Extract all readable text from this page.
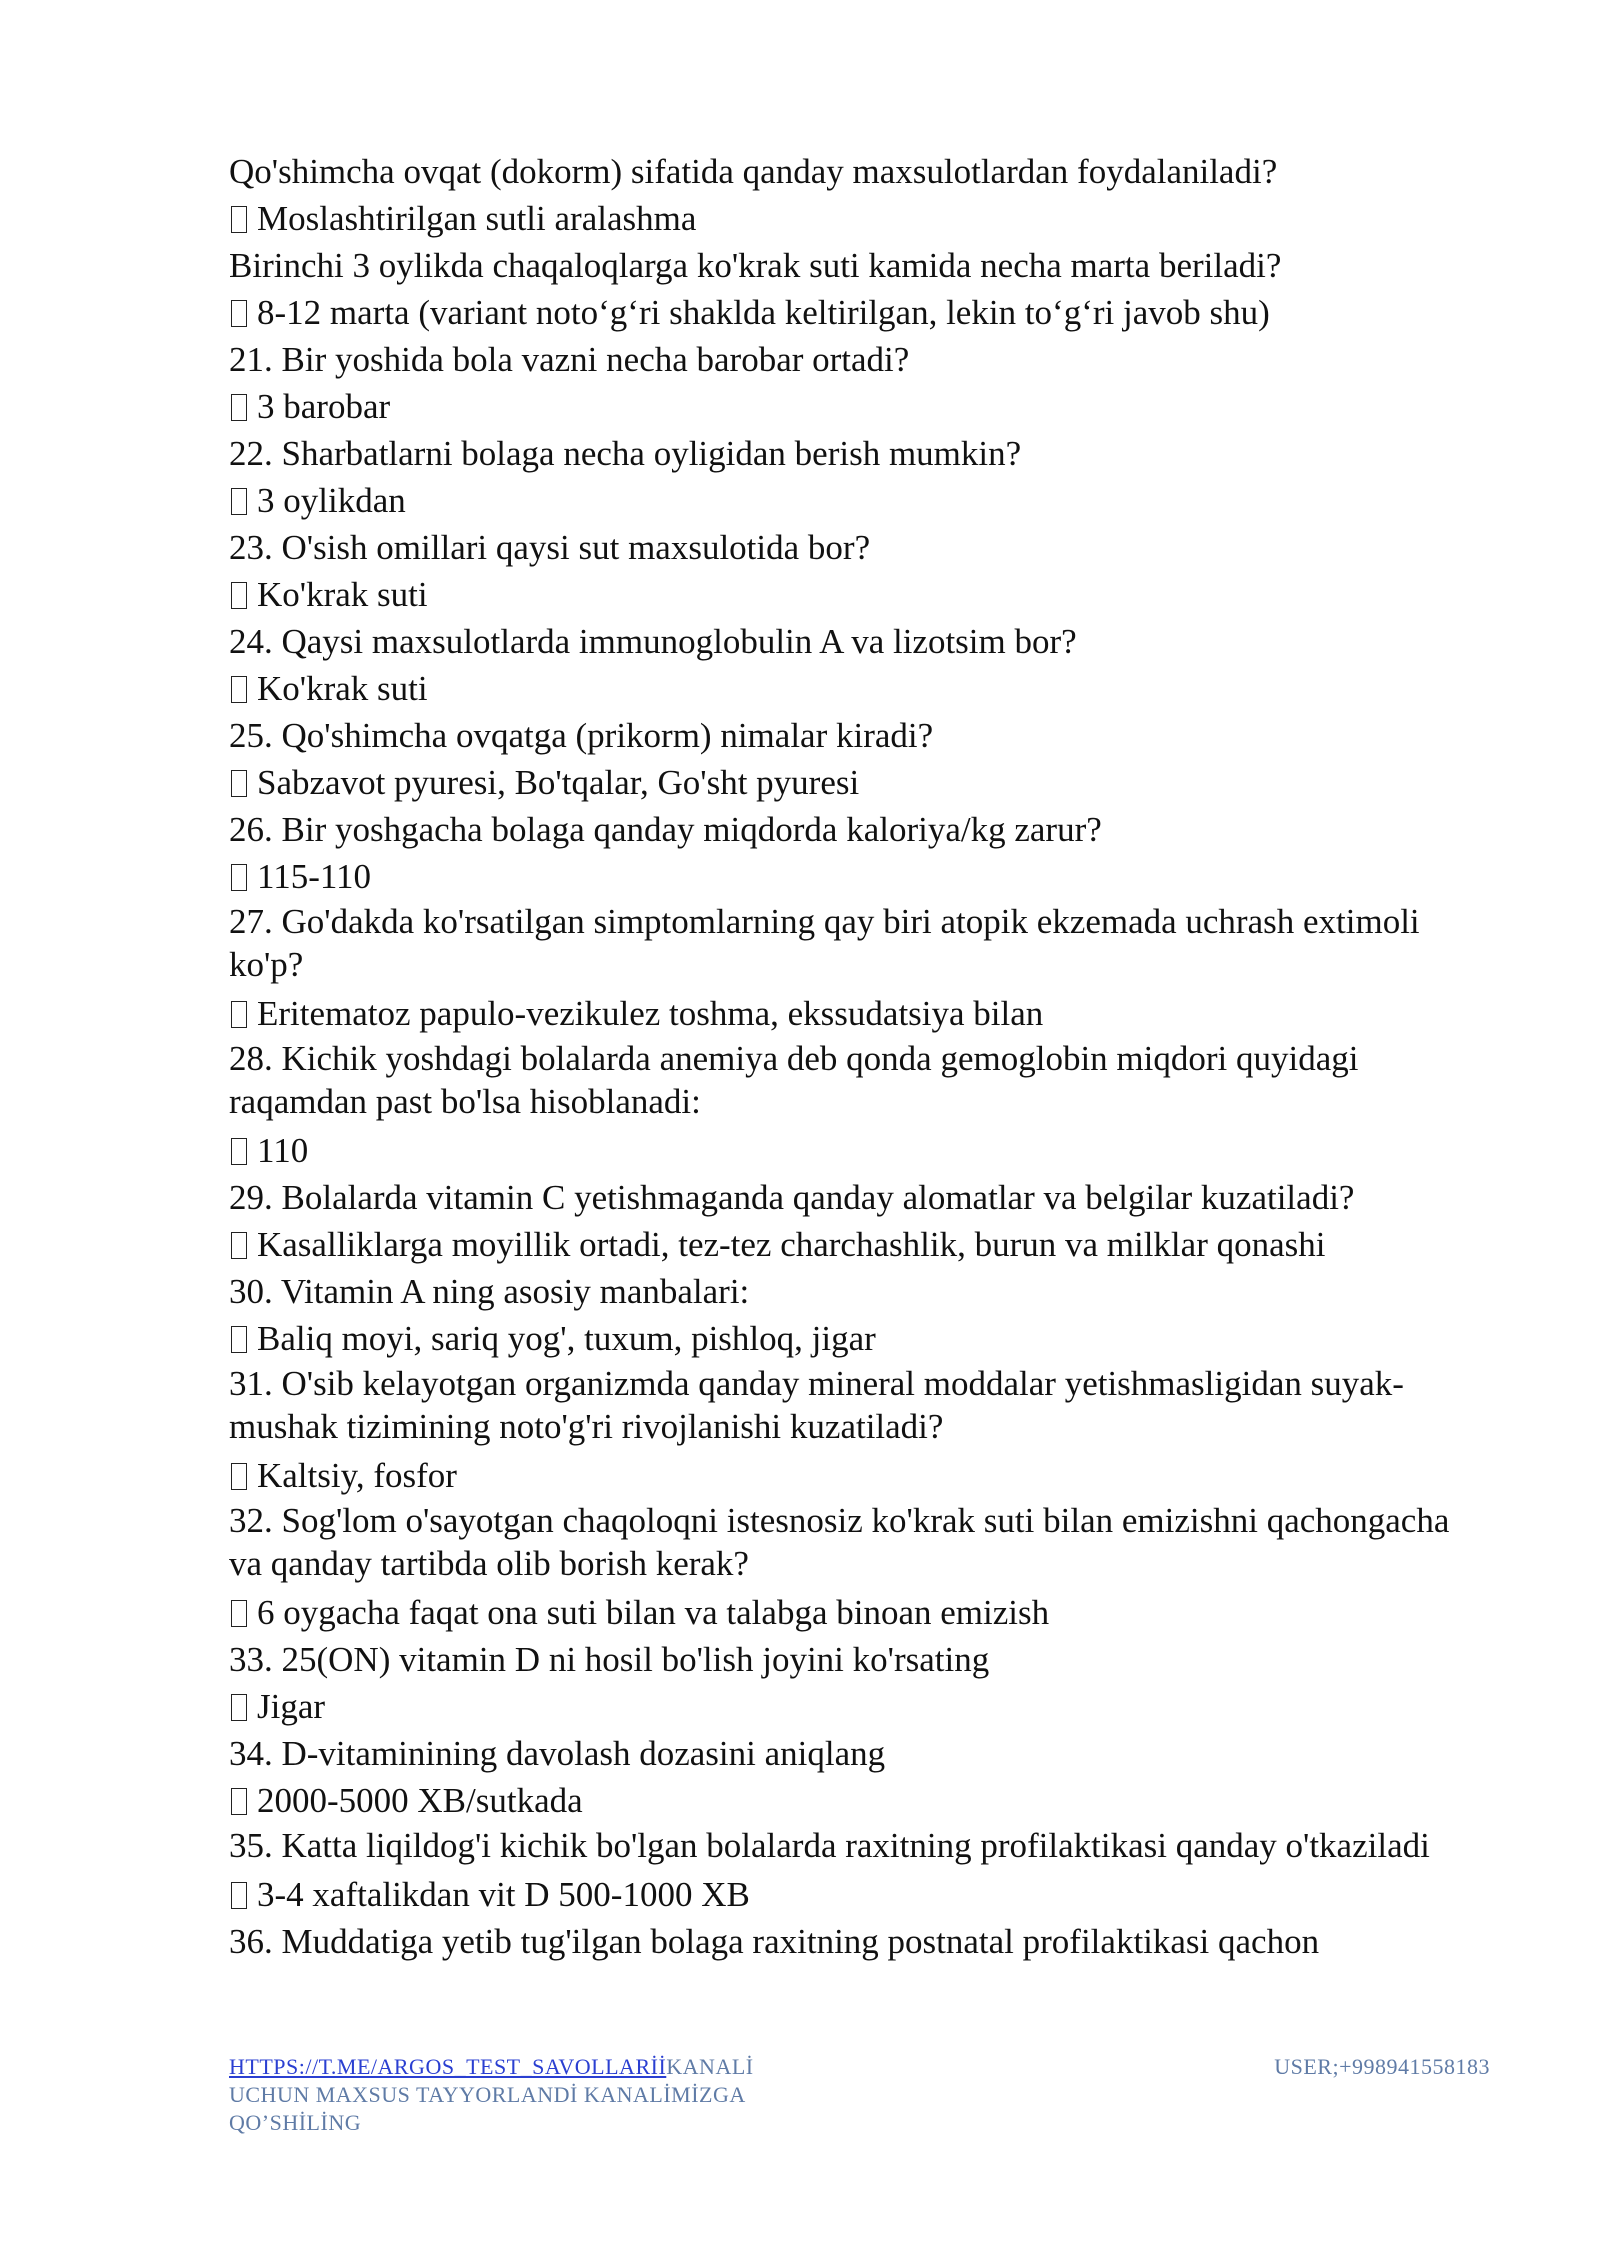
Qo'shimcha ovqat (dokorm) sifatida qanday maxsulotlardan foydalaniladi?
Moslashtirilgan sutli aralashma
Birinchi 3 oylikda chaqaloqlarga ko'krak suti kamida necha marta beriladi?
8-12 marta (variant noto‘g‘ri shaklda keltirilgan, lekin to‘g‘ri javob shu)
21. Bir yoshida bola vazni necha barobar ortadi?
3 barobar
22. Sharbatlarni bolaga necha oyligidan berish mumkin?
3 oylikdan
23. O'sish omillari qaysi sut maxsulotida bor?
Ko'krak suti
24. Qaysi maxsulotlarda immunoglobulin A va lizotsim bor?
Ko'krak suti
25. Qo'shimcha ovqatga (prikorm) nimalar kiradi?
Sabzavot pyuresi, Bo'tqalar, Go'sht pyuresi
26. Bir yoshgacha bolaga qanday miqdorda kaloriya/kg zarur?
115-110
27. Go'dakda ko'rsatilgan simptomlarning qay biri atopik ekzemada uchrash extimoli ko'p?
Eritematoz papulo-vezikulez toshma, ekssudatsiya bilan
28. Kichik yoshdagi bolalarda anemiya deb qonda gemoglobin miqdori quyidagi raqamdan past bo'lsa hisoblanadi:
110
29. Bolalarda vitamin C yetishmaganda qanday alomatlar va belgilar kuzatiladi?
Kasalliklarga moyillik ortadi, tez-tez charchashlik, burun va milklar qonashi
30. Vitamin A ning asosiy manbalari:
Baliq moyi, sariq yog', tuxum, pishloq, jigar
31. O'sib kelayotgan organizmda qanday mineral moddalar yetishmasligidan suyak-mushak tizimining noto'g'ri rivojlanishi kuzatiladi?
Kaltsiy, fosfor
32. Sog'lom o'sayotgan chaqoloqni istesnosiz ko'krak suti bilan emizishni qachongacha va qanday tartibda olib borish kerak?
6 oygacha faqat ona suti bilan va talabga binoan emizish
33. 25(ON) vitamin D ni hosil bo'lish joyini ko'rsating
Jigar
34. D-vitaminining davolash dozasini aniqlang
2000-5000 XB/sutkada
35. Katta liqildog'i kichik bo'lgan bolalarda raxitning profilaktikasi qanday o'tkaziladi
3-4 xaftalikdan vit D 500-1000 XB
36. Muddatiga yetib tug'ilgan bolaga raxitning postnatal profilaktikasi qachon
HTTPS://T.ME/ARGOS_TEST_SAVOLLARİİKANALİ UCHUN MAXSUS TAYYORLANDİ KANALİMİZGA QO’SHİLİNG
USER;+998941558183
